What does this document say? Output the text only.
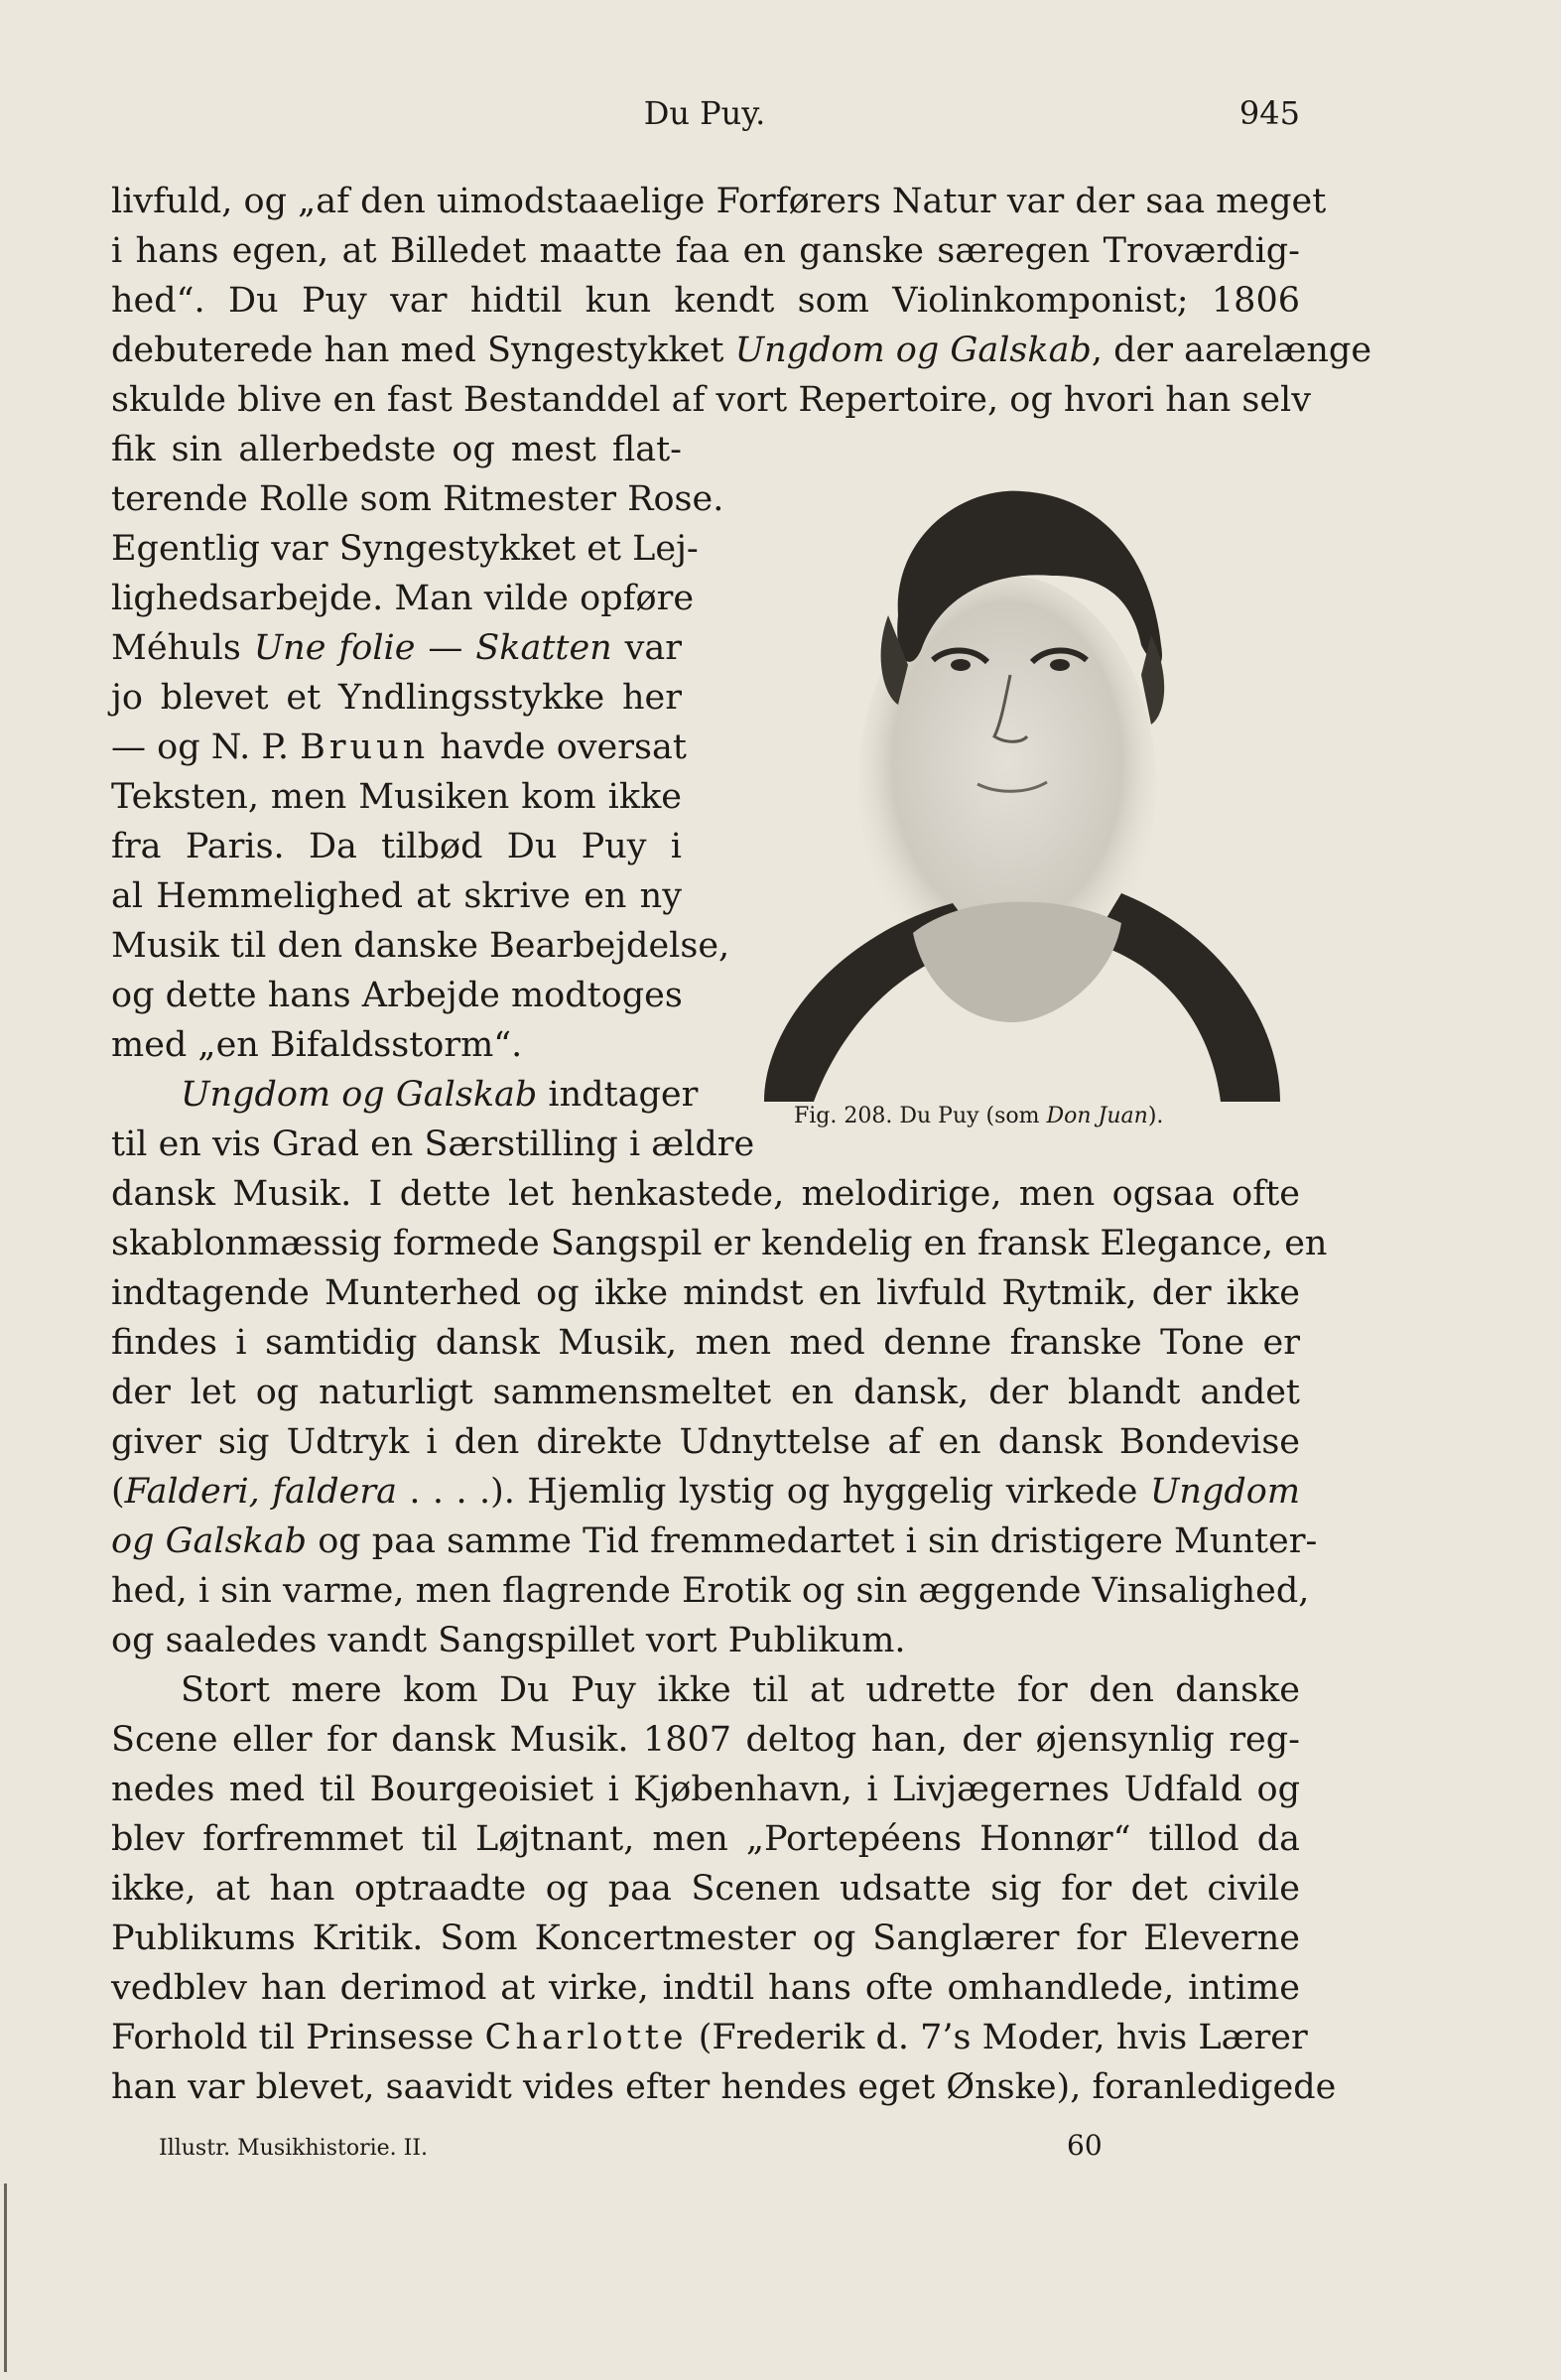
Du Puy.	945
livfuld, og „af den uimodstaaelige Forførers Natur var der saa meget
i hans egen, at Billedet maatte faa en ganske særegen Troværdig-
hed“. Du Puy var hidtil kun kendt som Violinkomponist; 1806
debuterede han med Syngestykket Ungdom og Galskab, der aarelænge
skulde blive en fast Bestanddel af vort Repertoire, og hvori han selv
fik sin allerbedste og mest flat-
terende Rolle som Ritmester Rose.
Egentlig var Syngestykket et Lej-
lighedsarbejde. Man vilde opføre
Méhuls Une folie — Skatten var
jo blevet et Yndlingsstykke her
— og N. P. Bruun havde oversat
Teksten, men Musiken kom ikke
fra Paris. Da tilbød Du Puy i
al Hemmelighed at skrive en ny
Musik til den danske Bearbejdelse,
og dette hans Arbejde modtoges
med „en Bifaldsstorm“.
Ungdom og Galskab indtager
til en vis Grad en Særstilling i ældre
dansk Musik. I dette let henkastede, melodirige, men ogsaa ofte
skablonmæssig formede Sangspil er kendelig en fransk Elegance, en
indtagende Munterhed og ikke mindst en livfuld Rytmik, der ikke
findes i samtidig dansk Musik, men med denne franske Tone er
der let og naturligt sammensmeltet en dansk, der blandt andet
giver sig Udtryk i den direkte Udnyttelse af en dansk Bondevise
(Falderi, faldera . . . .). Hjemlig lystig og hyggelig virkede Ungdom
og Galskab og paa samme Tid fremmedartet i sin dristigere Munter-
hed, i sin varme, men flagrende Erotik og sin æggende Vinsalighed,
og saaledes vandt Sangspillet vort Publikum.
Stort mere kom Du Puy ikke til at udrette for den danske
Scene eller for dansk Musik. 1807 deltog han, der øjensynlig reg-
nedes med til Bourgeoisiet i Kjøbenhavn, i Livjægernes Udfald og
blev forfremmet til Løjtnant, men „Portepéens Honnør“ tillod da
ikke, at han optraadte og paa Scenen udsatte sig for det civile
Publikums Kritik. Som Koncertmester og Sanglærer for Eleverne
vedblev han derimod at virke, indtil hans ofte omhandlede, intime
Forhold til Prinsesse Charlotte (Frederik d. 7’s Moder, hvis Lærer
han var blevet, saavidt vides efter hendes eget Ønske), foranledigede
Fig. 208. Du Puy (som Don Juan).
Illustr. Musikhistorie. II.	60
